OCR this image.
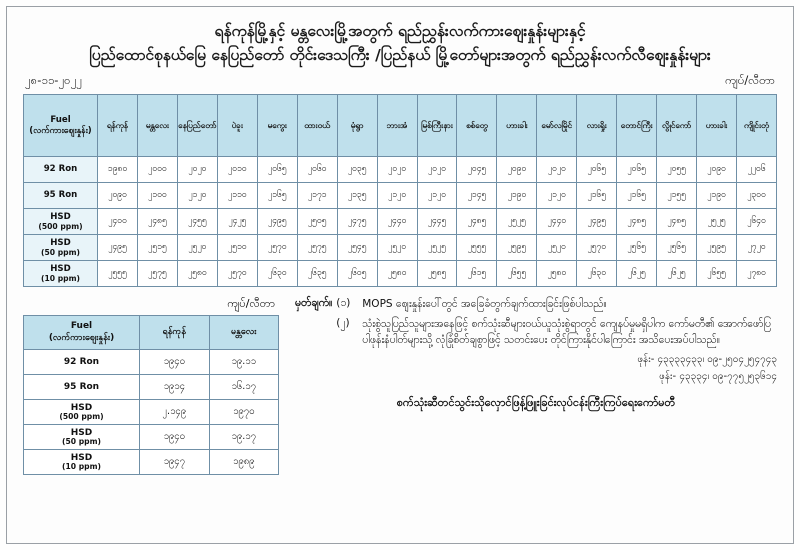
ရန်ကုန်မြို့နှင့် မန္တလေးမြို့အတွက် ရည်ညွှန်းလက်ကားဈေးနှုန်းများနှင့်
ပြည်ထောင်စုနယ်မြေ နေပြည်တော် တိုင်းဒေသကြီး /ပြည်နယ် မြို့တော်များအတွက် ရည်ညွှန်းလက်လီဈေးနှုန်းများ
၂၈-၁၁-၂၀၂၂	ကျပ်/လီတာ
Fuel
(လက်ကားဈေးနှုန်း)	ရန်ကုန်	မန္တလေး	နေပြည်တော်	ပဲခူး	မကွေး	ထားဝယ်	မုံရွာ	ဘားအံ	မြစ်ကြီးနား	စစ်တွေ	ဟားခါး	မော်လမြိုင်	လားရှိုး	တောင်ကြီး	လွိုင်ကော်	ဟားခါး	ကျိုင်းတုံ
92 Ron	၁၉၈၀	၂၀၀၀	၂၀၂၀	၂၀၁၀	၂၀၆၅	၂၀၆၀	၂၀၃၅	၂၀၂၀	၂၀၂၀	၂၀၄၅	၂၀၉၀	၂၀၂၀	၂၀၆၅	၂၀၆၅	၂၀၅၅	၂၀၉၀	၂၂၀၆
95 Ron	၂၀၉၀	၂၁၀၀	၂၁၂၀	၂၁၁၀	၂၁၆၅	၂၁၇၁	၂၁၃၅	၂၁၂၀	၂၁၂၀	၂၁၄၅	၂၁၉၀	၂၁၂၀	၂၁၆၅	၂၁၆၅	၂၁၅၅	၂၁၉၀	၂၃၀၀
HSD
(500 ppm)	၂၄၀၀	၂၄၈၅	၂၄၅၅	၂၄၂၅	၂၄၉၅	၂၅၀၅	၂၄၇၅	၂၄၄၀	၂၄၄၅	၂၄၈၅	၂၅၂၅	၂၄၄၀	၂၄၉၅	၂၄၈၅	၂၄၈၅	၂၅၂၅	၂၆၄၀
HSD
(50 ppm)	၂၄၉၅	၂၅၁၅	၂၅၂၀	၂၅၁၀	၂၅၇၀	၂၅၇၅	၂၅၄၅	၂၅၂၀	၂၅၂၅	၂၅၅၅	၂၅၉၅	၂၅၂၀	၂၅၇၀	၂၅၆၅	၂၅၆၅	၂၅၉၅	၂၇၂၀
HSD
(10 ppm)	၂၅၅၅	၂၅၇၅	၂၅၈၀	၂၅၇၀	၂၆၃၀	၂၆၃၅	၂၆၀၅	၂၅၈၀	၂၅၈၅	၂၆၁၅	၂၆၅၅	၂၅၈၀	၂၆၃၀	၂၆၂၅	၂၆၂၅	၂၆၅၅	၂၇၈၀
ကျပ်/လီတာ
Fuel
(လက်ကားဈေးနှုန်း)	ရန်ကုန်	မန္တလေး
92 Ron	၁၉၄၀	၁၉.၁၁
95 Ron	၁၉၁၄	၁၆.၁၇
HSD
(500 ppm)	၂.၁၄၉	၁၉၇၀
HSD
(50 ppm)	၁၉၄၀	၁၉.၁၇
HSD
(10 ppm)	၁၉၄၇	၁၉၈၉
မှတ်ချက်။ (၁)	MOPS ဈေးနှုန်းပေါ်တွင် အခြေခံတွက်ချက်ထားခြင်းဖြစ်ပါသည်။
(၂)	သုံးစွဲသူပြည်သူများအနေဖြင့် စက်သုံးဆီများဝယ်ယူသုံးစွဲရာတွင် ကျေနပ်မှုမရှိပါက ကော်မတီ၏ အောက်ဖော်ပြပါဖုန်းနံပါတ်များသို့ လုံခြုံစိတ်ချစွာဖြင့် သတင်းပေး တိုင်ကြားနိုင်ပါကြောင်း အသိပေးအပ်ပါသည်။
ဖုန်း- ၄၃၃၃၃၄၃၃၊ ၀၉-၂၅၀၄၂၅၄၇၄၃
ဖုန်း- ၄၃၃၃၄၊ ၀၉-၇၇၅၂၅၃၆၁၄
စက်သုံးဆီတင်သွင်းသိုလှောင်ဖြန့်ဖြူးခြင်းလုပ်ငန်းကြီးကြပ်ရေးကော်မတီ
